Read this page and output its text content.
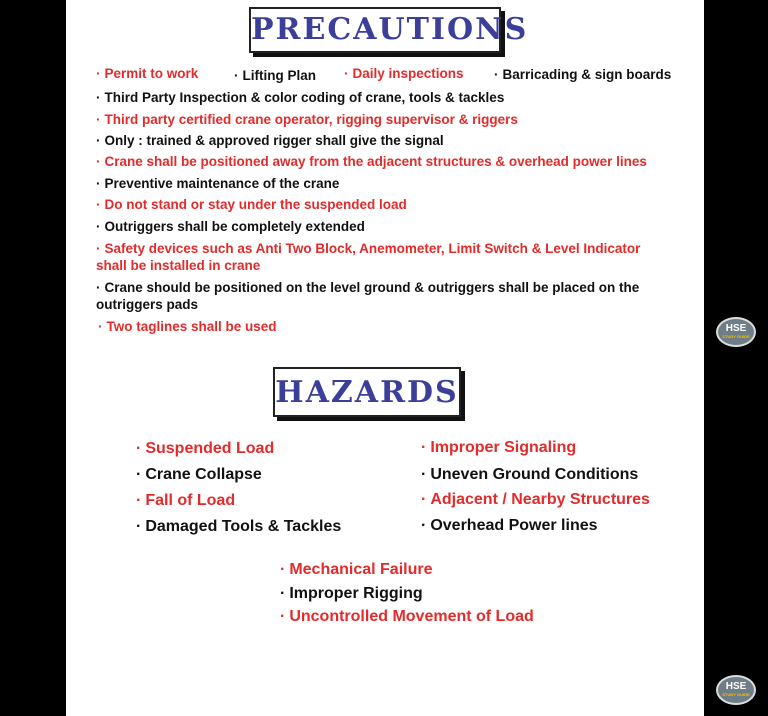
PRECAUTIONS
· Permit to work	· Lifting Plan · Daily inspections · Barricading & sign boards
· Third Party Inspection & color coding of crane, tools & tackles
· Third party certified crane operator, rigging supervisor & riggers
· Only : trained & approved rigger shall give the signal
· Crane shall be positioned away from the adjacent structures & overhead power lines
· Preventive maintenance of the crane
· Do not stand or stay under the suspended load
· Outriggers shall be completely extended
· Safety devices such as Anti Two Block, Anemometer, Limit Switch & Level Indicator shall be installed in crane
· Crane should be positioned on the level ground & outriggers shall be placed on the outriggers pads
· Two taglines shall be used
HAZARDS
· Suspended Load
· Crane Collapse
· Fall of Load
· Damaged Tools & Tackles
· Improper Signaling
· Uneven Ground Conditions
· Adjacent / Nearby Structures
· Overhead Power lines
· Mechanical Failure
· Improper Rigging
· Uncontrolled Movement of Load
HSE
STUDY GUIDE
HSE
STUDY GUIDE
